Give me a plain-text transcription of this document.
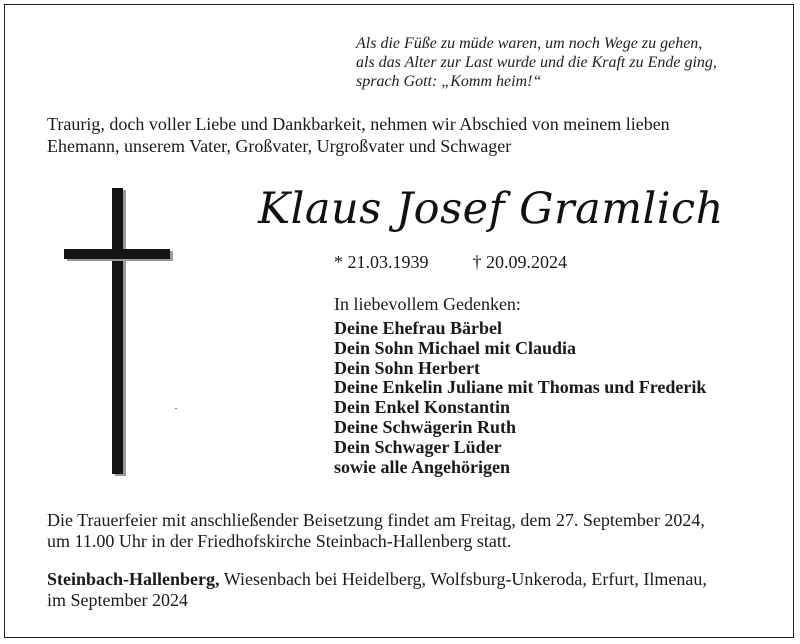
Als die Füße zu müde waren, um noch Wege zu gehen,
als das Alter zur Last wurde und die Kraft zu Ende ging,
sprach Gott: „Komm heim!“
Traurig, doch voller Liebe und Dankbarkeit, nehmen wir Abschied von meinem lieben
Ehemann, unserem Vater, Großvater, Urgroßvater und Schwager
Klaus Josef Gramlich
* 21.03.1939 † 20.09.2024
In liebevollem Gedenken:
Deine Ehefrau Bärbel
Dein Sohn Michael mit Claudia
Dein Sohn Herbert
Deine Enkelin Juliane mit Thomas und Frederik
Dein Enkel Konstantin
Deine Schwägerin Ruth
Dein Schwager Lüder
sowie alle Angehörigen
Die Trauerfeier mit anschließender Beisetzung findet am Freitag, dem 27. September 2024,
um 11.00 Uhr in der Friedhofskirche Steinbach-Hallenberg statt.
Steinbach-Hallenberg, Wiesenbach bei Heidelberg, Wolfsburg-Unkeroda, Erfurt, Ilmenau,
im September 2024
